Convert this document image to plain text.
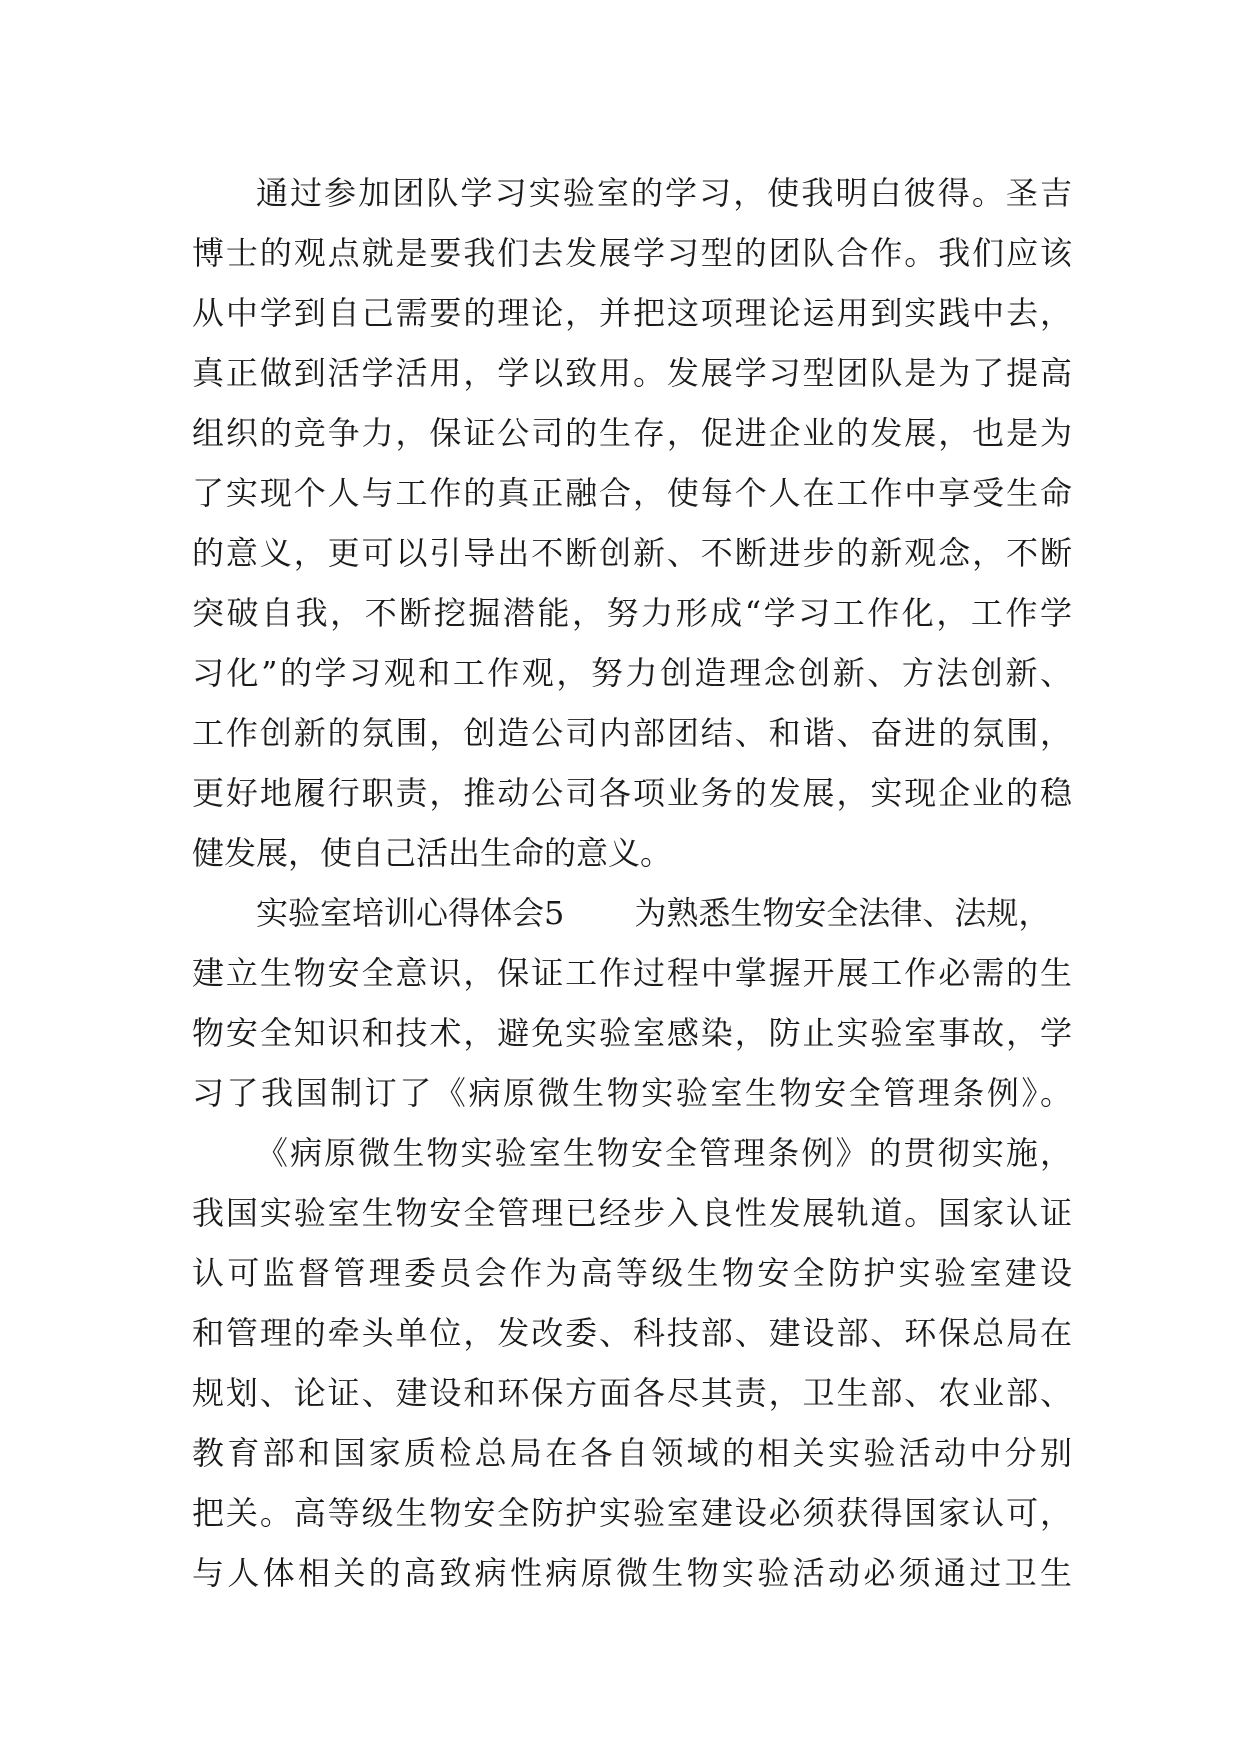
通过参加团队学习实验室的学习，使我明白彼得。圣吉
博士的观点就是要我们去发展学习型的团队合作。我们应该
从中学到自己需要的理论，并把这项理论运用到实践中去，
真正做到活学活用，学以致用。发展学习型团队是为了提高
组织的竞争力，保证公司的生存，促进企业的发展，也是为
了实现个人与工作的真正融合，使每个人在工作中享受生命
的意义，更可以引导出不断创新、不断进步的新观念，不断
突破自我，不断挖掘潜能，努力形成“学习工作化，工作学
习化”的学习观和工作观，努力创造理念创新、方法创新、
工作创新的氛围，创造公司内部团结、和谐、奋进的氛围，
更好地履行职责，推动公司各项业务的发展，实现企业的稳
健发展，使自己活出生命的意义。
实验室培训心得体会5 为熟悉生物安全法律、法规，
建立生物安全意识，保证工作过程中掌握开展工作必需的生
物安全知识和技术，避免实验室感染，防止实验室事故，学
习了我国制订了《病原微生物实验室生物安全管理条例》。
《病原微生物实验室生物安全管理条例》的贯彻实施，
我国实验室生物安全管理已经步入良性发展轨道。国家认证
认可监督管理委员会作为高等级生物安全防护实验室建设
和管理的牵头单位，发改委、科技部、建设部、环保总局在
规划、论证、建设和环保方面各尽其责，卫生部、农业部、
教育部和国家质检总局在各自领域的相关实验活动中分别
把关。高等级生物安全防护实验室建设必须获得国家认可，
与人体相关的高致病性病原微生物实验活动必须通过卫生
